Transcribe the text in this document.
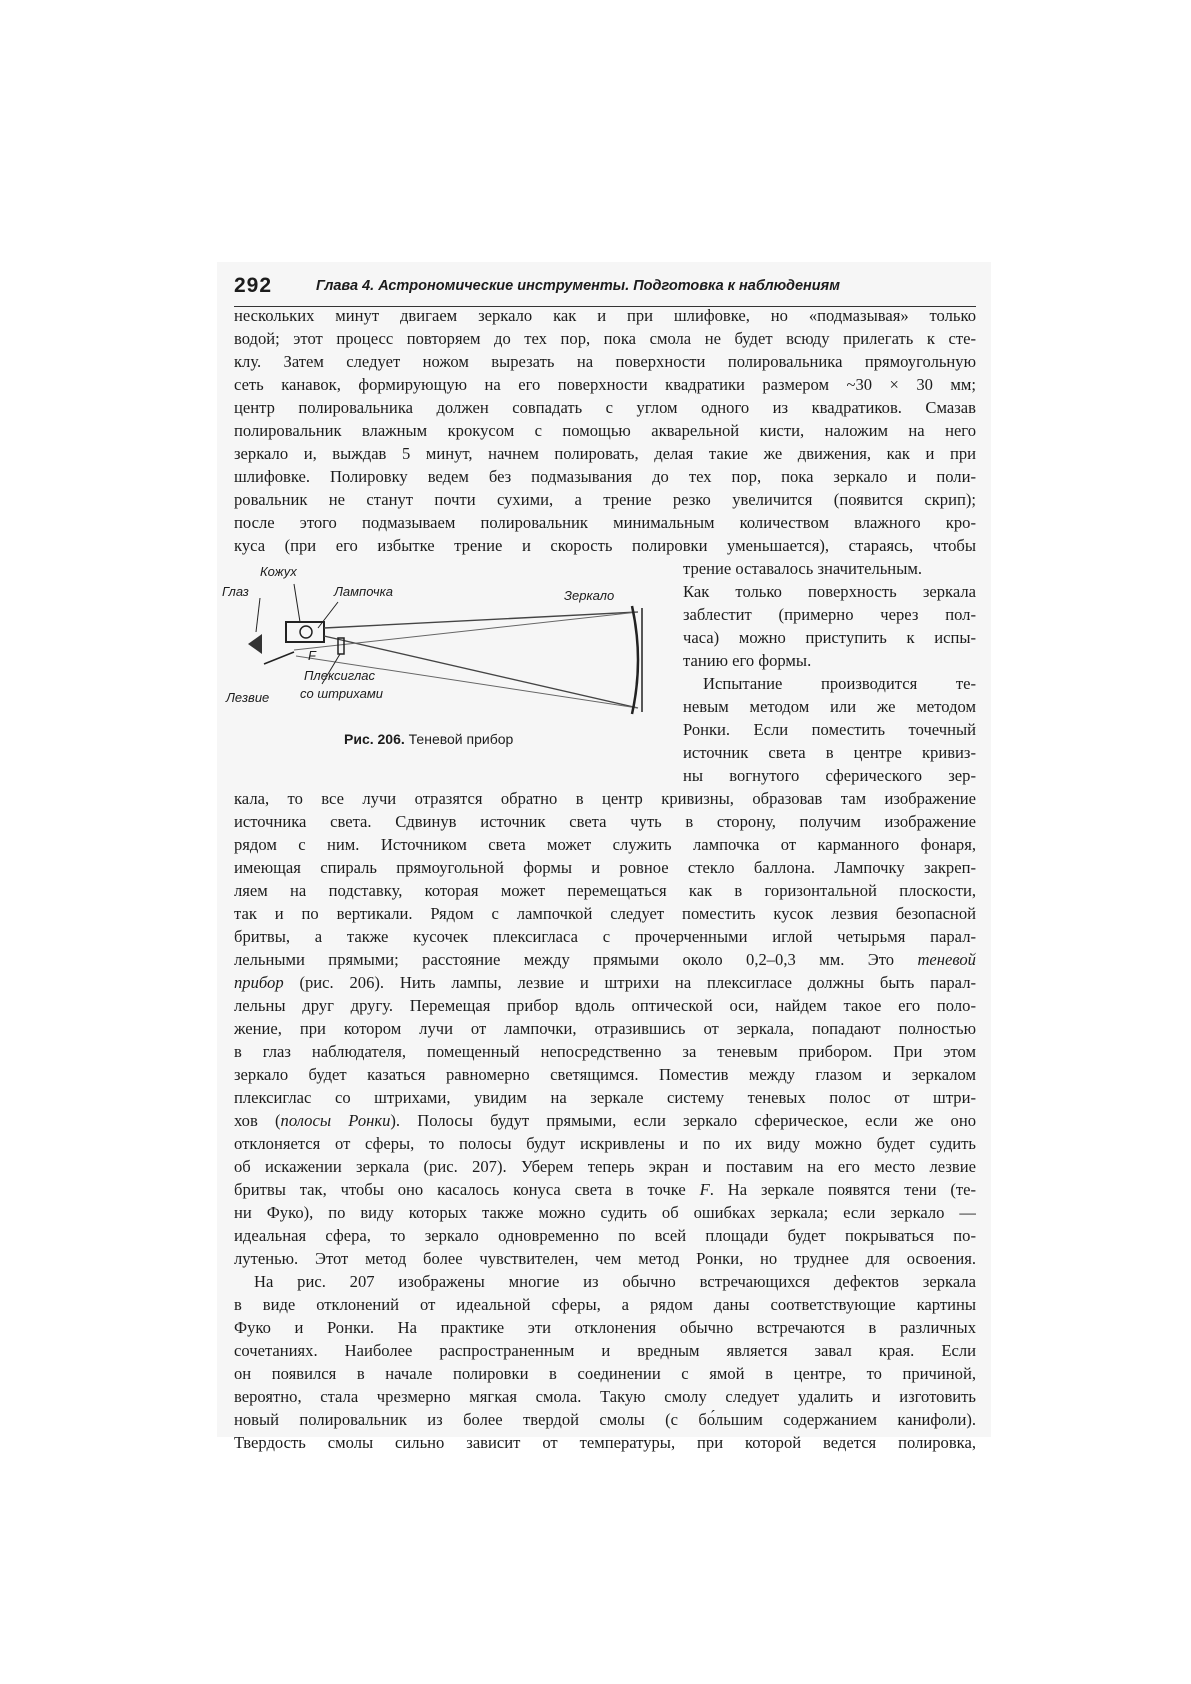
292	Глава 4. Астрономические инструменты. Подготовка к наблюдениям
нескольких минут двигаем зеркало как и при шлифовке, но «подмазывая» только
водой; этот процесс повторяем до тех пор, пока смола не будет всюду прилегать к сте-
клу. Затем следует ножом вырезать на поверхности полировальника прямоугольную
сеть канавок, формирующую на его поверхности квадратики размером ~30 × 30 мм;
центр полировальника должен совпадать с углом одного из квадратиков. Смазав
полировальник влажным крокусом с помощью акварельной кисти, наложим на него
зеркало и, выждав 5 минут, начнем полировать, делая такие же движения, как и при
шлифовке. Полировку ведем без подмазывания до тех пор, пока зеркало и поли-
ровальник не станут почти сухими, а трение резко увеличится (появится скрип);
после этого подмазываем полировальник минимальным количеством влажного кро-
куса (при его избытке трение и скорость полировки уменьшается), стараясь, чтобы
трение оставалось значительным.
Как только поверхность зеркала
заблестит (примерно через пол-
часа) можно приступить к испы-
танию его формы.
Испытание производится те-
невым методом или же методом
Ронки. Если поместить точечный
источник света в центре кривиз-
ны вогнутого сферического зер-
Кожух
Глаз	Лампочка	Зеркало
F
Плексиглас
со штрихами
Лезвие
Рис. 206. Теневой прибор
кала, то все лучи отразятся обратно в центр кривизны, образовав там изображение
источника света. Сдвинув источник света чуть в сторону, получим изображение
рядом с ним. Источником света может служить лампочка от карманного фонаря,
имеющая спираль прямоугольной формы и ровное стекло баллона. Лампочку закреп-
ляем на подставку, которая может перемещаться как в горизонтальной плоскости,
так и по вертикали. Рядом с лампочкой следует поместить кусок лезвия безопасной
бритвы, а также кусочек плексигласа с прочерченными иглой четырьмя парал-
лельными прямыми; расстояние между прямыми около 0,2–0,3 мм. Это теневой
прибор (рис. 206). Нить лампы, лезвие и штрихи на плексигласе должны быть парал-
лельны друг другу. Перемещая прибор вдоль оптической оси, найдем такое его поло-
жение, при котором лучи от лампочки, отразившись от зеркала, попадают полностью
в глаз наблюдателя, помещенный непосредственно за теневым прибором. При этом
зеркало будет казаться равномерно светящимся. Поместив между глазом и зеркалом
плексиглас со штрихами, увидим на зеркале систему теневых полос от штри-
хов (полосы Ронки). Полосы будут прямыми, если зеркало сферическое, если же оно
отклоняется от сферы, то полосы будут искривлены и по их виду можно будет судить
об искажении зеркала (рис. 207). Уберем теперь экран и поставим на его место лезвие
бритвы так, чтобы оно касалось конуса света в точке F. На зеркале появятся тени (те-
ни Фуко), по виду которых также можно судить об ошибках зеркала; если зеркало —
идеальная сфера, то зеркало одновременно по всей площади будет покрываться по-
лутенью. Этот метод более чувствителен, чем метод Ронки, но труднее для освоения.
На рис. 207 изображены многие из обычно встречающихся дефектов зеркала
в виде отклонений от идеальной сферы, а рядом даны соответствующие картины
Фуко и Ронки. На практике эти отклонения обычно встречаются в различных
сочетаниях. Наиболее распространенным и вредным является завал края. Если
он появился в начале полировки в соединении с ямой в центре, то причиной,
вероятно, стала чрезмерно мягкая смола. Такую смолу следует удалить и изготовить
новый полировальник из более твердой смолы (с бо́льшим содержанием канифоли).
Твердость смолы сильно зависит от температуры, при которой ведется полировка,
